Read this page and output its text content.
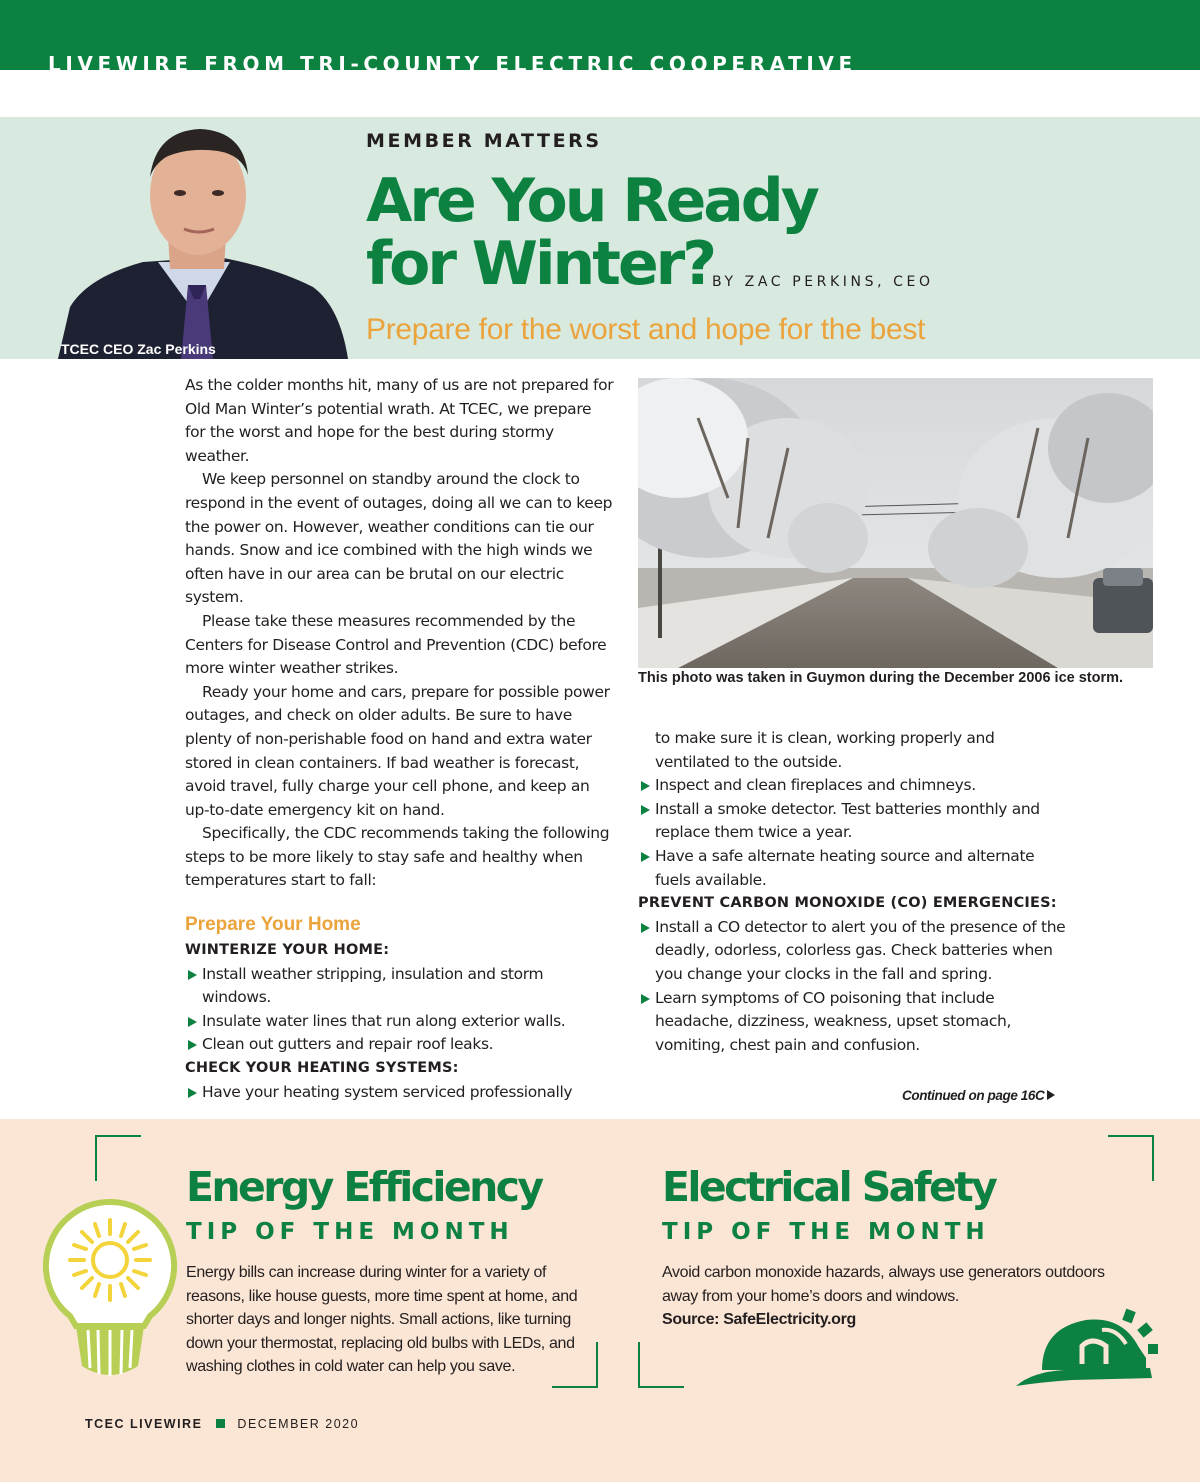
LIVEWIRE FROM TRI-COUNTY ELECTRIC COOPERATIVE
TCEC CEO Zac Perkins
MEMBER MATTERS
Are You Ready
for Winter?
BY ZAC PERKINS, CEO
Prepare for the worst and hope for the best

As the colder months hit, many of us are not prepared for Old Man Winter’s potential wrath. At TCEC, we prepare for the worst and hope for the best during stormy weather.

We keep personnel on standby around the clock to respond in the event of outages, doing all we can to keep the power on. However, weather conditions can tie our hands. Snow and ice combined with the high winds we often have in our area can be brutal on our electric system.

Please take these measures recommended by the Centers for Disease Control and Prevention (CDC) before more winter weather strikes.

Ready your home and cars, prepare for possible power outages, and check on older adults. Be sure to have plenty of non-perishable food on hand and extra water stored in clean containers. If bad weather is forecast, avoid travel, fully charge your cell phone, and keep an up-to-date emergency kit on hand.

Specifically, the CDC recommends taking the following steps to be more likely to stay safe and healthy when temperatures start to fall:

Prepare Your Home
WINTERIZE YOUR HOME:
Install weather stripping, insulation and storm windows.
Insulate water lines that run along exterior walls.
Clean out gutters and repair roof leaks.
CHECK YOUR HEATING SYSTEMS:
Have your heating system serviced professionally
This photo was taken in Guymon during the December 2006 ice storm.
to make sure it is clean, working properly and ventilated to the outside.
Inspect and clean fireplaces and chimneys.
Install a smoke detector. Test batteries monthly and replace them twice a year.
Have a safe alternate heating source and alternate fuels available.
PREVENT CARBON MONOXIDE (CO) EMERGENCIES:
Install a CO detector to alert you of the presence of the deadly, odorless, colorless gas. Check batteries when you change your clocks in the fall and spring.
Learn symptoms of CO poisoning that include headache, dizziness, weakness, upset stomach, vomiting, chest pain and confusion.
Continued on page 16C
Energy Efficiency
TIP OF THE MONTH
Energy bills can increase during winter for a variety of reasons, like house guests, more time spent at home, and shorter days and longer nights. Small actions, like turning down your thermostat, replacing old bulbs with LEDs, and washing clothes in cold water can help you save.
Electrical Safety
TIP OF THE MONTH
Avoid carbon monoxide hazards, always use generators outdoors away from your home’s doors and windows.
Source: SafeElectricity.org
TCEC LIVEWIRE	DECEMBER 2020
